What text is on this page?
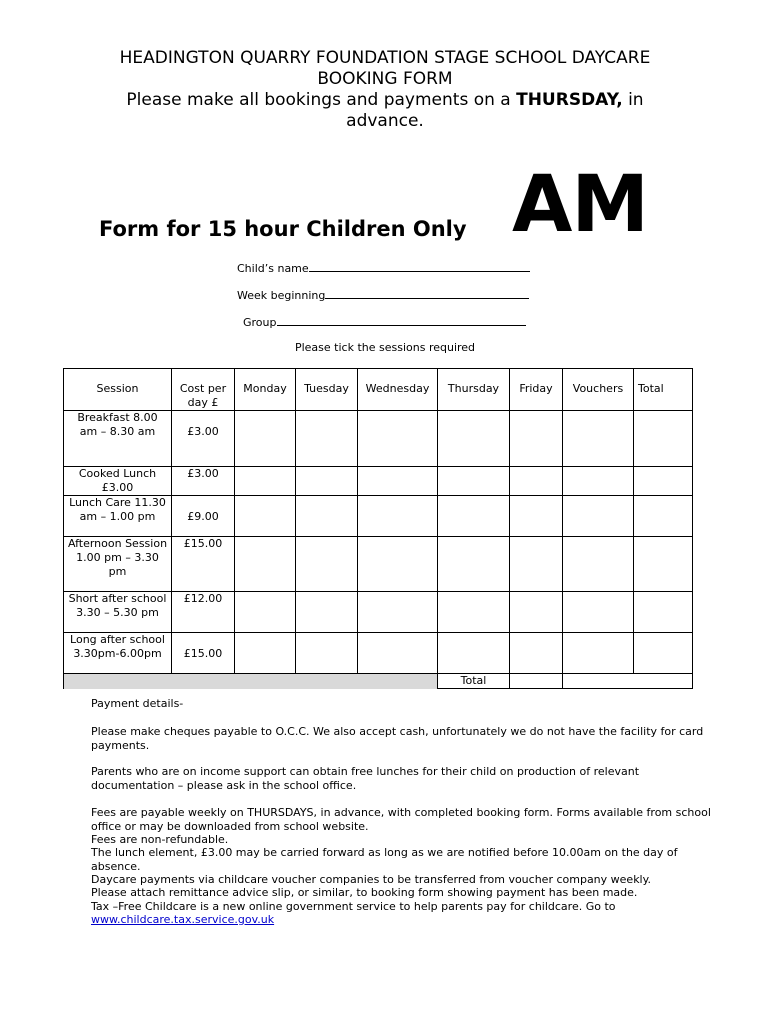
HEADINGTON QUARRY FOUNDATION STAGE SCHOOL DAYCARE
BOOKING FORM
Please make all bookings and payments on a THURSDAY, in
advance.
Form for 15 hour Children Only AM
Child’s name
Week beginning
Group
Please tick the sessions required
Session	Cost per day £	Monday	Tuesday	Wednesday	Thursday	Friday	Vouchers	Total
Breakfast 8.00 am – 8.30 am	£3.00							
Cooked Lunch £3.00	£3.00							
Lunch Care 11.30 am – 1.00 pm	£9.00							
Afternoon Session 1.00 pm – 3.30 pm	£15.00							
Short after school 3.30 – 5.30 pm	£12.00							
Long after school 3.30pm-6.00pm	£15.00							
					Total			
Payment details-
Please make cheques payable to O.C.C. We also accept cash, unfortunately we do not have the facility for card payments.
Parents who are on income support can obtain free lunches for their child on production of relevant documentation – please ask in the school office.
Fees are payable weekly on THURSDAYS, in advance, with completed booking form. Forms available from school office or may be downloaded from school website.
Fees are non-refundable.
The lunch element, £3.00 may be carried forward as long as we are notified before 10.00am on the day of absence.
Daycare payments via childcare voucher companies to be transferred from voucher company weekly.
Please attach remittance advice slip, or similar, to booking form showing payment has been made.
Tax –Free Childcare is a new online government service to help parents pay for childcare. Go to
www.childcare.tax.service.gov.uk
